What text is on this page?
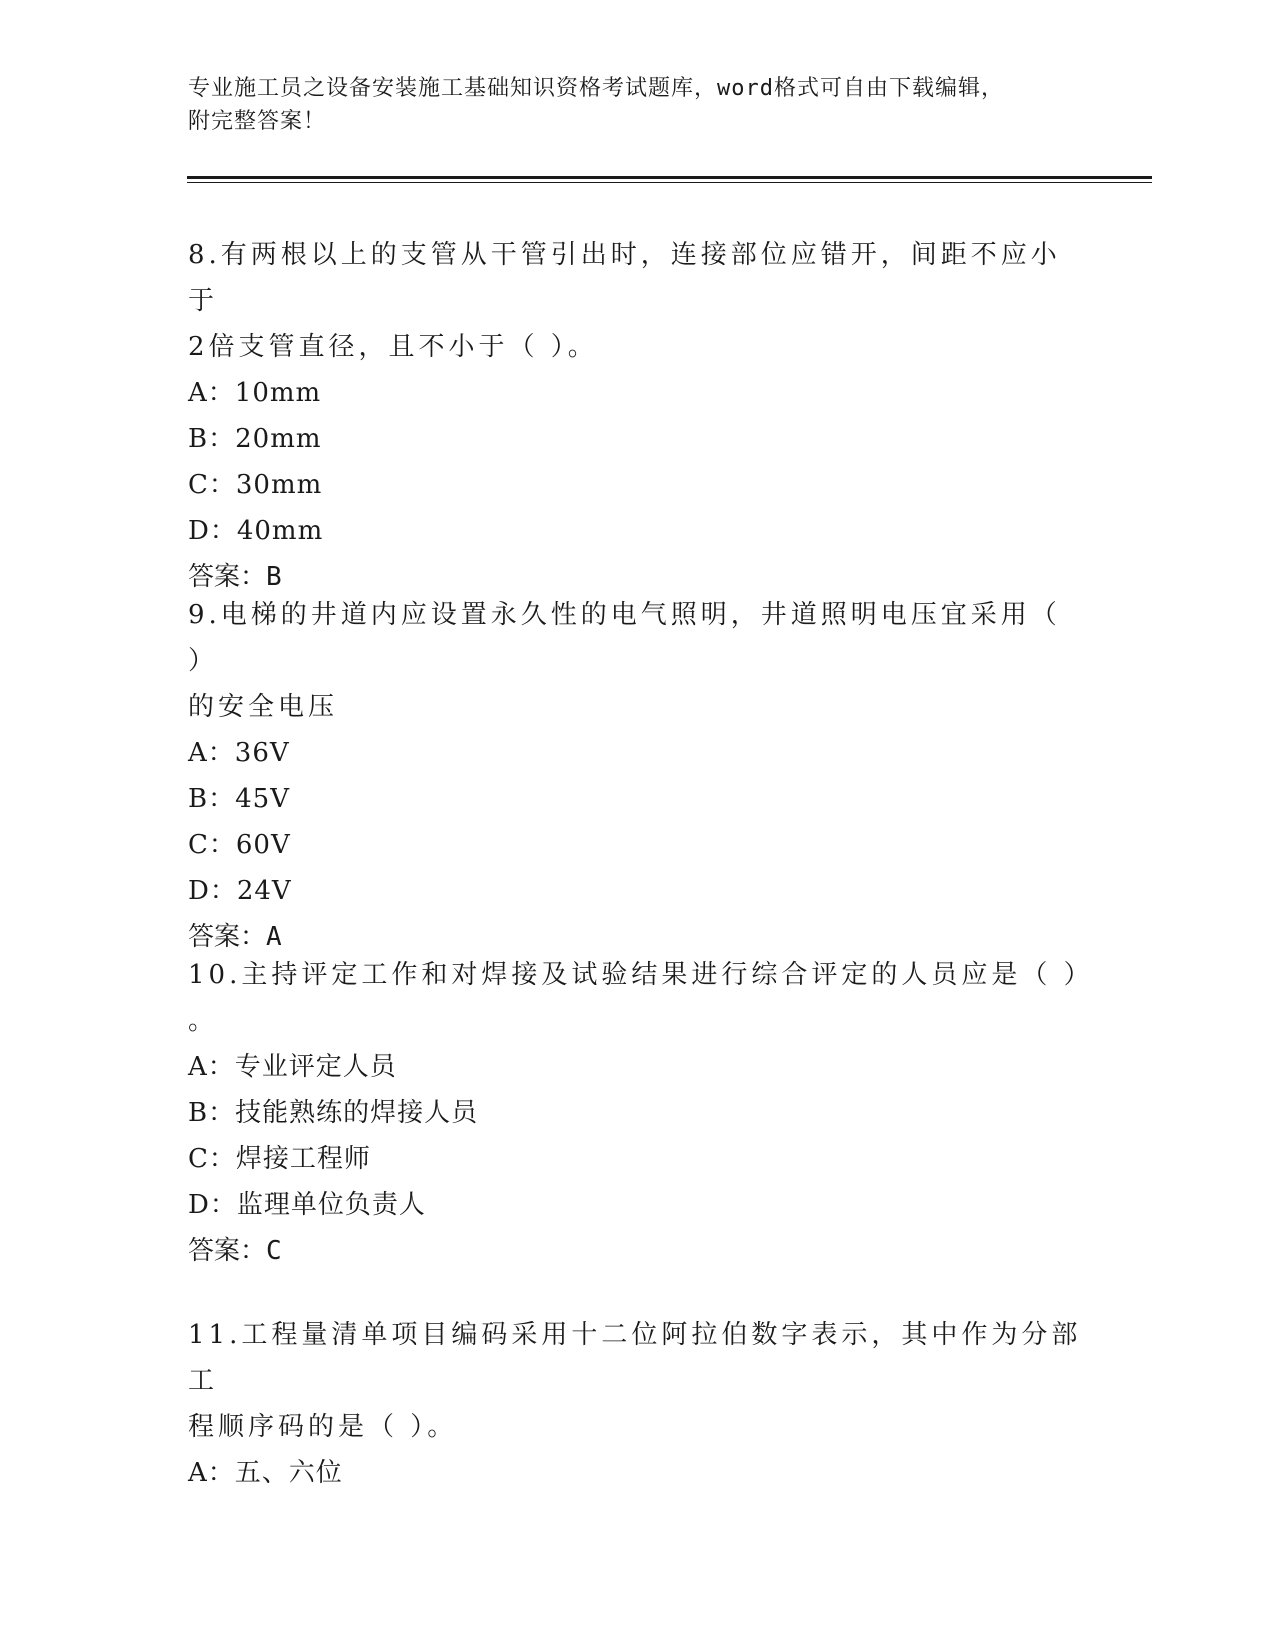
专业施工员之设备安装施工基础知识资格考试题库，word格式可自由下载编辑，
附完整答案！

8.有两根以上的支管从干管引出时，连接部位应错开，间距不应小于

2倍支管直径，且不小于（ ）。

A：10mm

B：20mm

C：30mm

D：40mm

答案：B

9.电梯的井道内应设置永久性的电气照明，井道照明电压宜采用（ ）

的安全电压

A：36V

B：45V

C：60V

D：24V

答案：A

10.主持评定工作和对焊接及试验结果进行综合评定的人员应是（ ）

。

A：专业评定人员

B：技能熟练的焊接人员

C：焊接工程师

D：监理单位负责人

答案：C

11.工程量清单项目编码采用十二位阿拉伯数字表示，其中作为分部工

程顺序码的是（ ）。

A：五、六位
